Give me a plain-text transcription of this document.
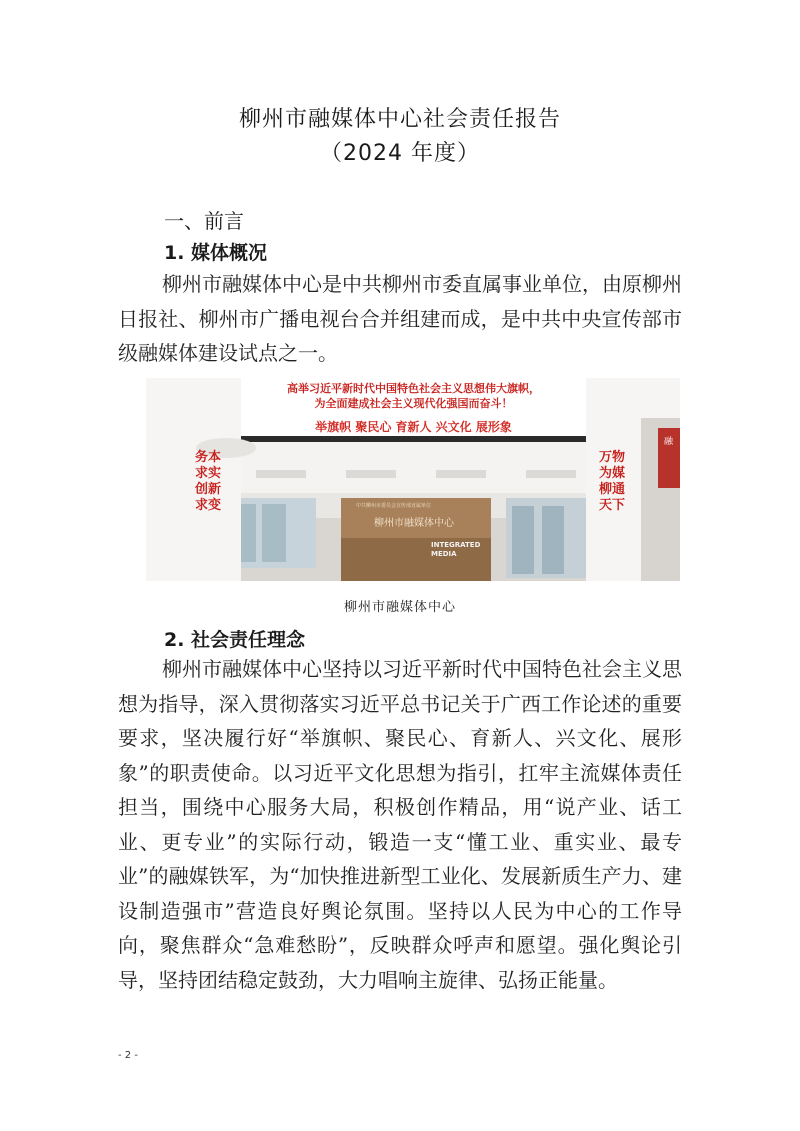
柳州市融媒体中心社会责任报告
（2024 年度）
一、前言
1. 媒体概况
柳州市融媒体中心是中共柳州市委直属事业单位，由原柳州日报社、柳州市广播电视台合并组建而成，是中共中央宣传部市级融媒体建设试点之一。
高举习近平新时代中国特色社会主义思想伟大旗帜，
为全面建成社会主义现代化强国而奋斗！
举旗帜 聚民心 育新人 兴文化 展形象
务本求实 创新求变
万物为媒 柳通天下
中共柳州市委员会宣传部直属单位
柳州市融媒体中心
INTEGRATED MEDIA
融
柳州市融媒体中心
2. 社会责任理念
柳州市融媒体中心坚持以习近平新时代中国特色社会主义思想为指导，深入贯彻落实习近平总书记关于广西工作论述的重要要求，坚决履行好“举旗帜、聚民心、育新人、兴文化、展形象”的职责使命。以习近平文化思想为指引，扛牢主流媒体责任担当，围绕中心服务大局，积极创作精品，用“说产业、话工业、更专业”的实际行动，锻造一支“懂工业、重实业、最专业”的融媒铁军，为“加快推进新型工业化、发展新质生产力、建设制造强市”营造良好舆论氛围。坚持以人民为中心的工作导向，聚焦群众“急难愁盼”，反映群众呼声和愿望。强化舆论引导，坚持团结稳定鼓劲，大力唱响主旋律、弘扬正能量。
- 2 -
